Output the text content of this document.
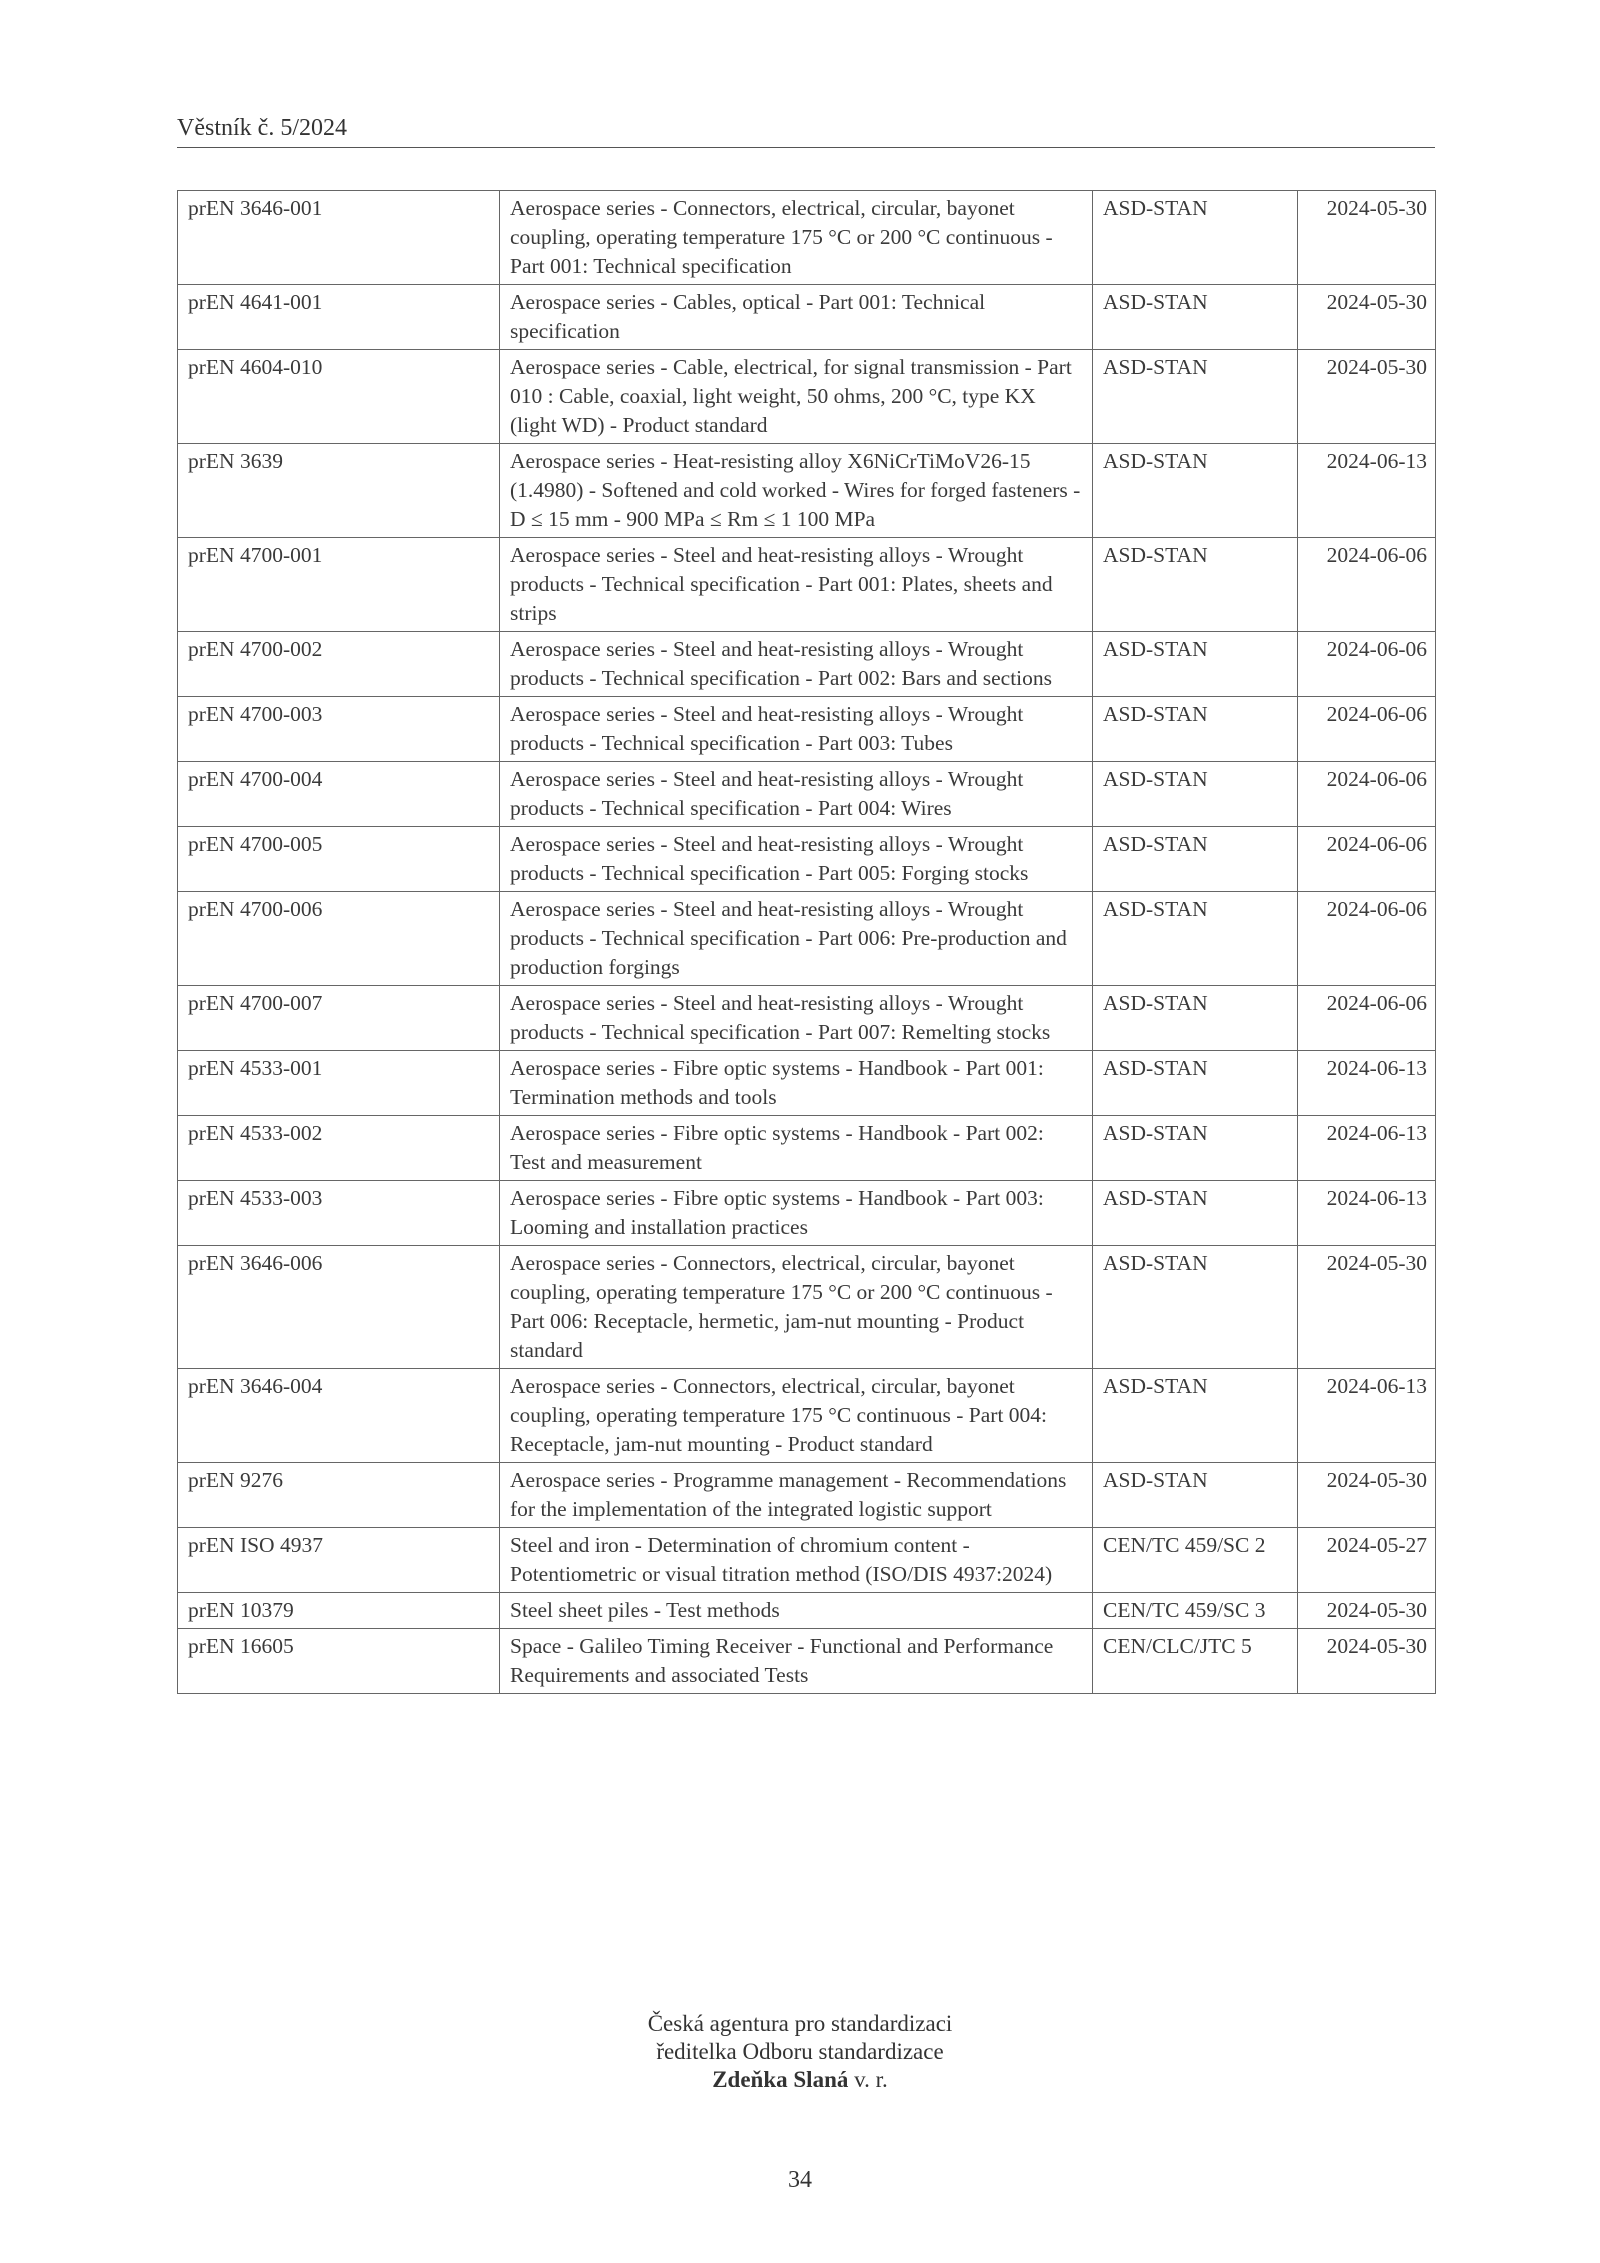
Věstník č. 5/2024
prEN 3646-001	Aerospace series - Connectors, electrical, circular, bayonet coupling, operating temperature 175 °C or 200 °C continuous - Part 001: Technical specification	ASD-STAN	2024-05-30
prEN 4641-001	Aerospace series - Cables, optical - Part 001: Technical specification	ASD-STAN	2024-05-30
prEN 4604-010	Aerospace series - Cable, electrical, for signal transmission - Part 010 : Cable, coaxial, light weight, 50 ohms, 200 °C, type KX (light WD) - Product standard	ASD-STAN	2024-05-30
prEN 3639	Aerospace series - Heat-resisting alloy X6NiCrTiMoV26-15 (1.4980) - Softened and cold worked - Wires for forged fasteners - D ≤ 15 mm - 900 MPa ≤ Rm ≤ 1 100 MPa	ASD-STAN	2024-06-13
prEN 4700-001	Aerospace series - Steel and heat-resisting alloys - Wrought products - Technical specification - Part 001: Plates, sheets and strips	ASD-STAN	2024-06-06
prEN 4700-002	Aerospace series - Steel and heat-resisting alloys - Wrought products - Technical specification - Part 002: Bars and sections	ASD-STAN	2024-06-06
prEN 4700-003	Aerospace series - Steel and heat-resisting alloys - Wrought products - Technical specification - Part 003: Tubes	ASD-STAN	2024-06-06
prEN 4700-004	Aerospace series - Steel and heat-resisting alloys - Wrought products - Technical specification - Part 004: Wires	ASD-STAN	2024-06-06
prEN 4700-005	Aerospace series - Steel and heat-resisting alloys - Wrought products - Technical specification - Part 005: Forging stocks	ASD-STAN	2024-06-06
prEN 4700-006	Aerospace series - Steel and heat-resisting alloys - Wrought products - Technical specification - Part 006: Pre-production and production forgings	ASD-STAN	2024-06-06
prEN 4700-007	Aerospace series - Steel and heat-resisting alloys - Wrought products - Technical specification - Part 007: Remelting stocks	ASD-STAN	2024-06-06
prEN 4533-001	Aerospace series - Fibre optic systems - Handbook - Part 001: Termination methods and tools	ASD-STAN	2024-06-13
prEN 4533-002	Aerospace series - Fibre optic systems - Handbook - Part 002: Test and measurement	ASD-STAN	2024-06-13
prEN 4533-003	Aerospace series - Fibre optic systems - Handbook - Part 003: Looming and installation practices	ASD-STAN	2024-06-13
prEN 3646-006	Aerospace series - Connectors, electrical, circular, bayonet coupling, operating temperature 175 °C or 200 °C continuous - Part 006: Receptacle, hermetic, jam-nut mounting - Product standard	ASD-STAN	2024-05-30
prEN 3646-004	Aerospace series - Connectors, electrical, circular, bayonet coupling, operating temperature 175 °C continuous - Part 004: Receptacle, jam-nut mounting - Product standard	ASD-STAN	2024-06-13
prEN 9276	Aerospace series - Programme management - Recommendations for the implementation of the integrated logistic support	ASD-STAN	2024-05-30
prEN ISO 4937	Steel and iron - Determination of chromium content - Potentiometric or visual titration method (ISO/DIS 4937:2024)	CEN/TC 459/SC 2	2024-05-27
prEN 10379	Steel sheet piles - Test methods	CEN/TC 459/SC 3	2024-05-30
prEN 16605	Space - Galileo Timing Receiver - Functional and Performance Requirements and associated Tests	CEN/CLC/JTC 5	2024-05-30
Česká agentura pro standardizaci
ředitelka Odboru standardizace
Zdeňka Slaná v. r.
34
